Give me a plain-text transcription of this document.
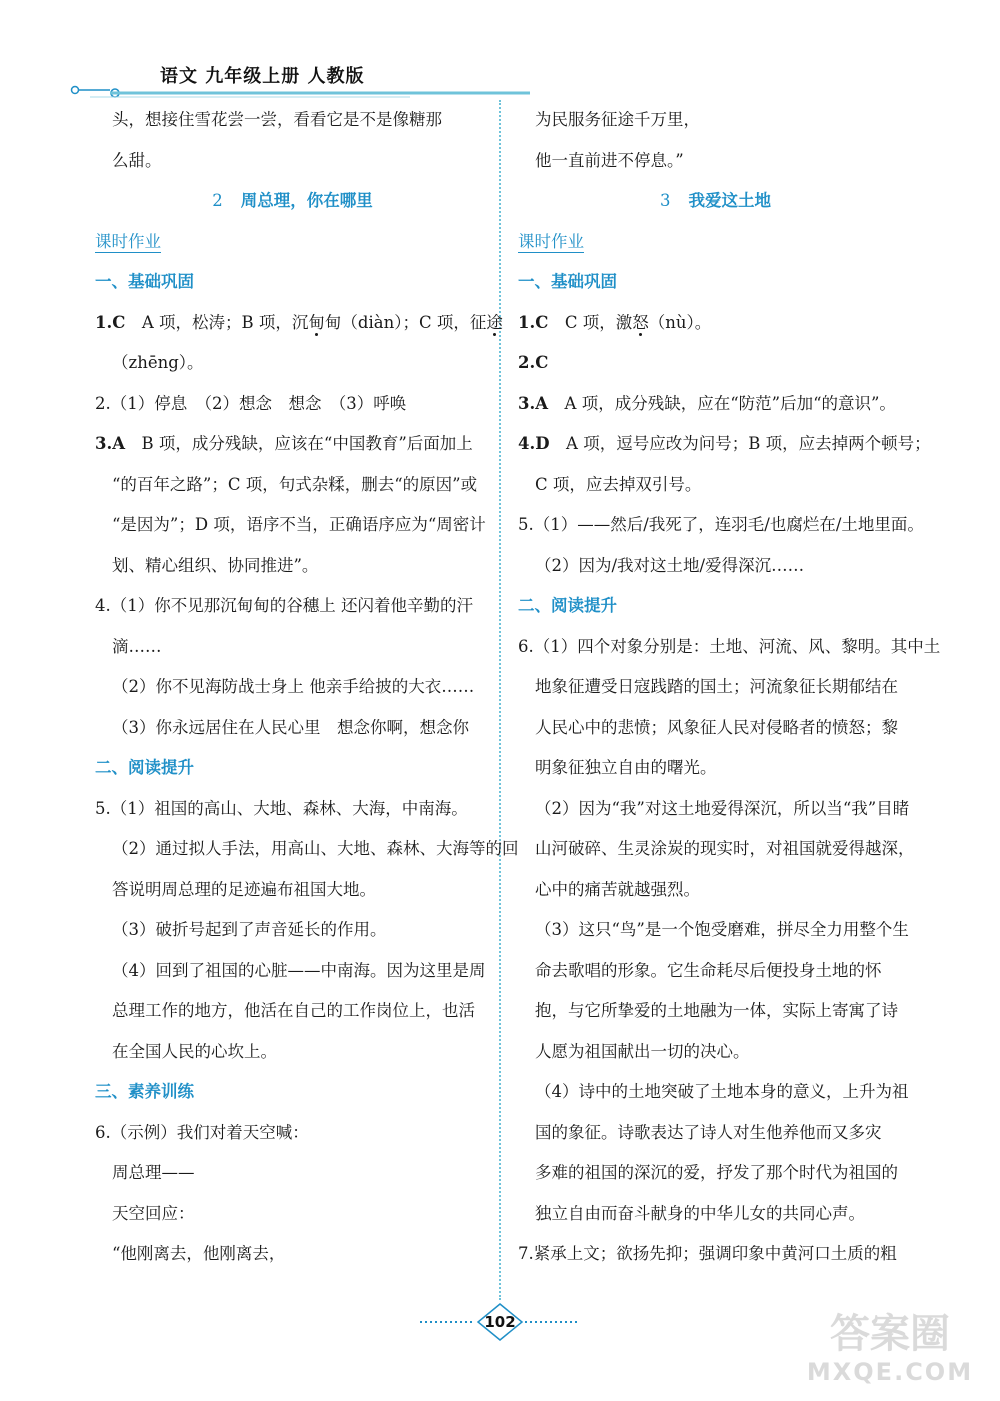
语文 九年级上册 人教版

头，想接住雪花尝一尝，看看它是不是像糖那

么甜。

2 周总理，你在哪里

课时作业

一、基础巩固

1.C　A 项，松涛；B 项，沉甸甸（diàn）；C 项，征途

（zhēng）。

2.（1）停息　（2）想念　想念　（3）呼唤

3.A　B 项，成分残缺，应该在“中国教育”后面加上

“的百年之路”；C 项，句式杂糅，删去“的原因”或

“是因为”；D 项，语序不当，正确语序应为“周密计

划、精心组织、协同推进”。

4.（1）你不见那沉甸甸的谷穗上 还闪着他辛勤的汗

滴……

（2）你不见海防战士身上 他亲手给披的大衣……

（3）你永远居住在人民心里　想念你啊，想念你

二、阅读提升

5.（1）祖国的高山、大地、森林、大海，中南海。

（2）通过拟人手法，用高山、大地、森林、大海等的回

答说明周总理的足迹遍布祖国大地。

（3）破折号起到了声音延长的作用。

（4）回到了祖国的心脏——中南海。因为这里是周

总理工作的地方，他活在自己的工作岗位上，也活

在全国人民的心坎上。

三、素养训练

6.（示例）我们对着天空喊：

周总理——

天空回应：

“他刚离去，他刚离去，

为民服务征途千万里，

他一直前进不停息。”

3 我爱这土地

课时作业

一、基础巩固

1.C　C 项，激怒（nù）。

2.C

3.A　A 项，成分残缺，应在“防范”后加“的意识”。

4.D　A 项，逗号应改为问号；B 项，应去掉两个顿号；

C 项，应去掉双引号。

5.（1）——然后/我死了，连羽毛/也腐烂在/土地里面。

（2）因为/我对这土地/爱得深沉……

二、阅读提升

6.（1）四个对象分别是：土地、河流、风、黎明。其中土

地象征遭受日寇践踏的国土；河流象征长期郁结在

人民心中的悲愤；风象征人民对侵略者的愤怒；黎

明象征独立自由的曙光。

（2）因为“我”对这土地爱得深沉，所以当“我”目睹

山河破碎、生灵涂炭的现实时，对祖国就爱得越深，

心中的痛苦就越强烈。

（3）这只“鸟”是一个饱受磨难，拼尽全力用整个生

命去歌唱的形象。它生命耗尽后便投身土地的怀

抱，与它所挚爱的土地融为一体，实际上寄寓了诗

人愿为祖国献出一切的决心。

（4）诗中的土地突破了土地本身的意义，上升为祖

国的象征。诗歌表达了诗人对生他养他而又多灾

多难的祖国的深沉的爱，抒发了那个时代为祖国的

独立自由而奋斗献身的中华儿女的共同心声。

7.紧承上文；欲扬先抑；强调印象中黄河口土质的粗

102	答案圈
MXQE.COM
